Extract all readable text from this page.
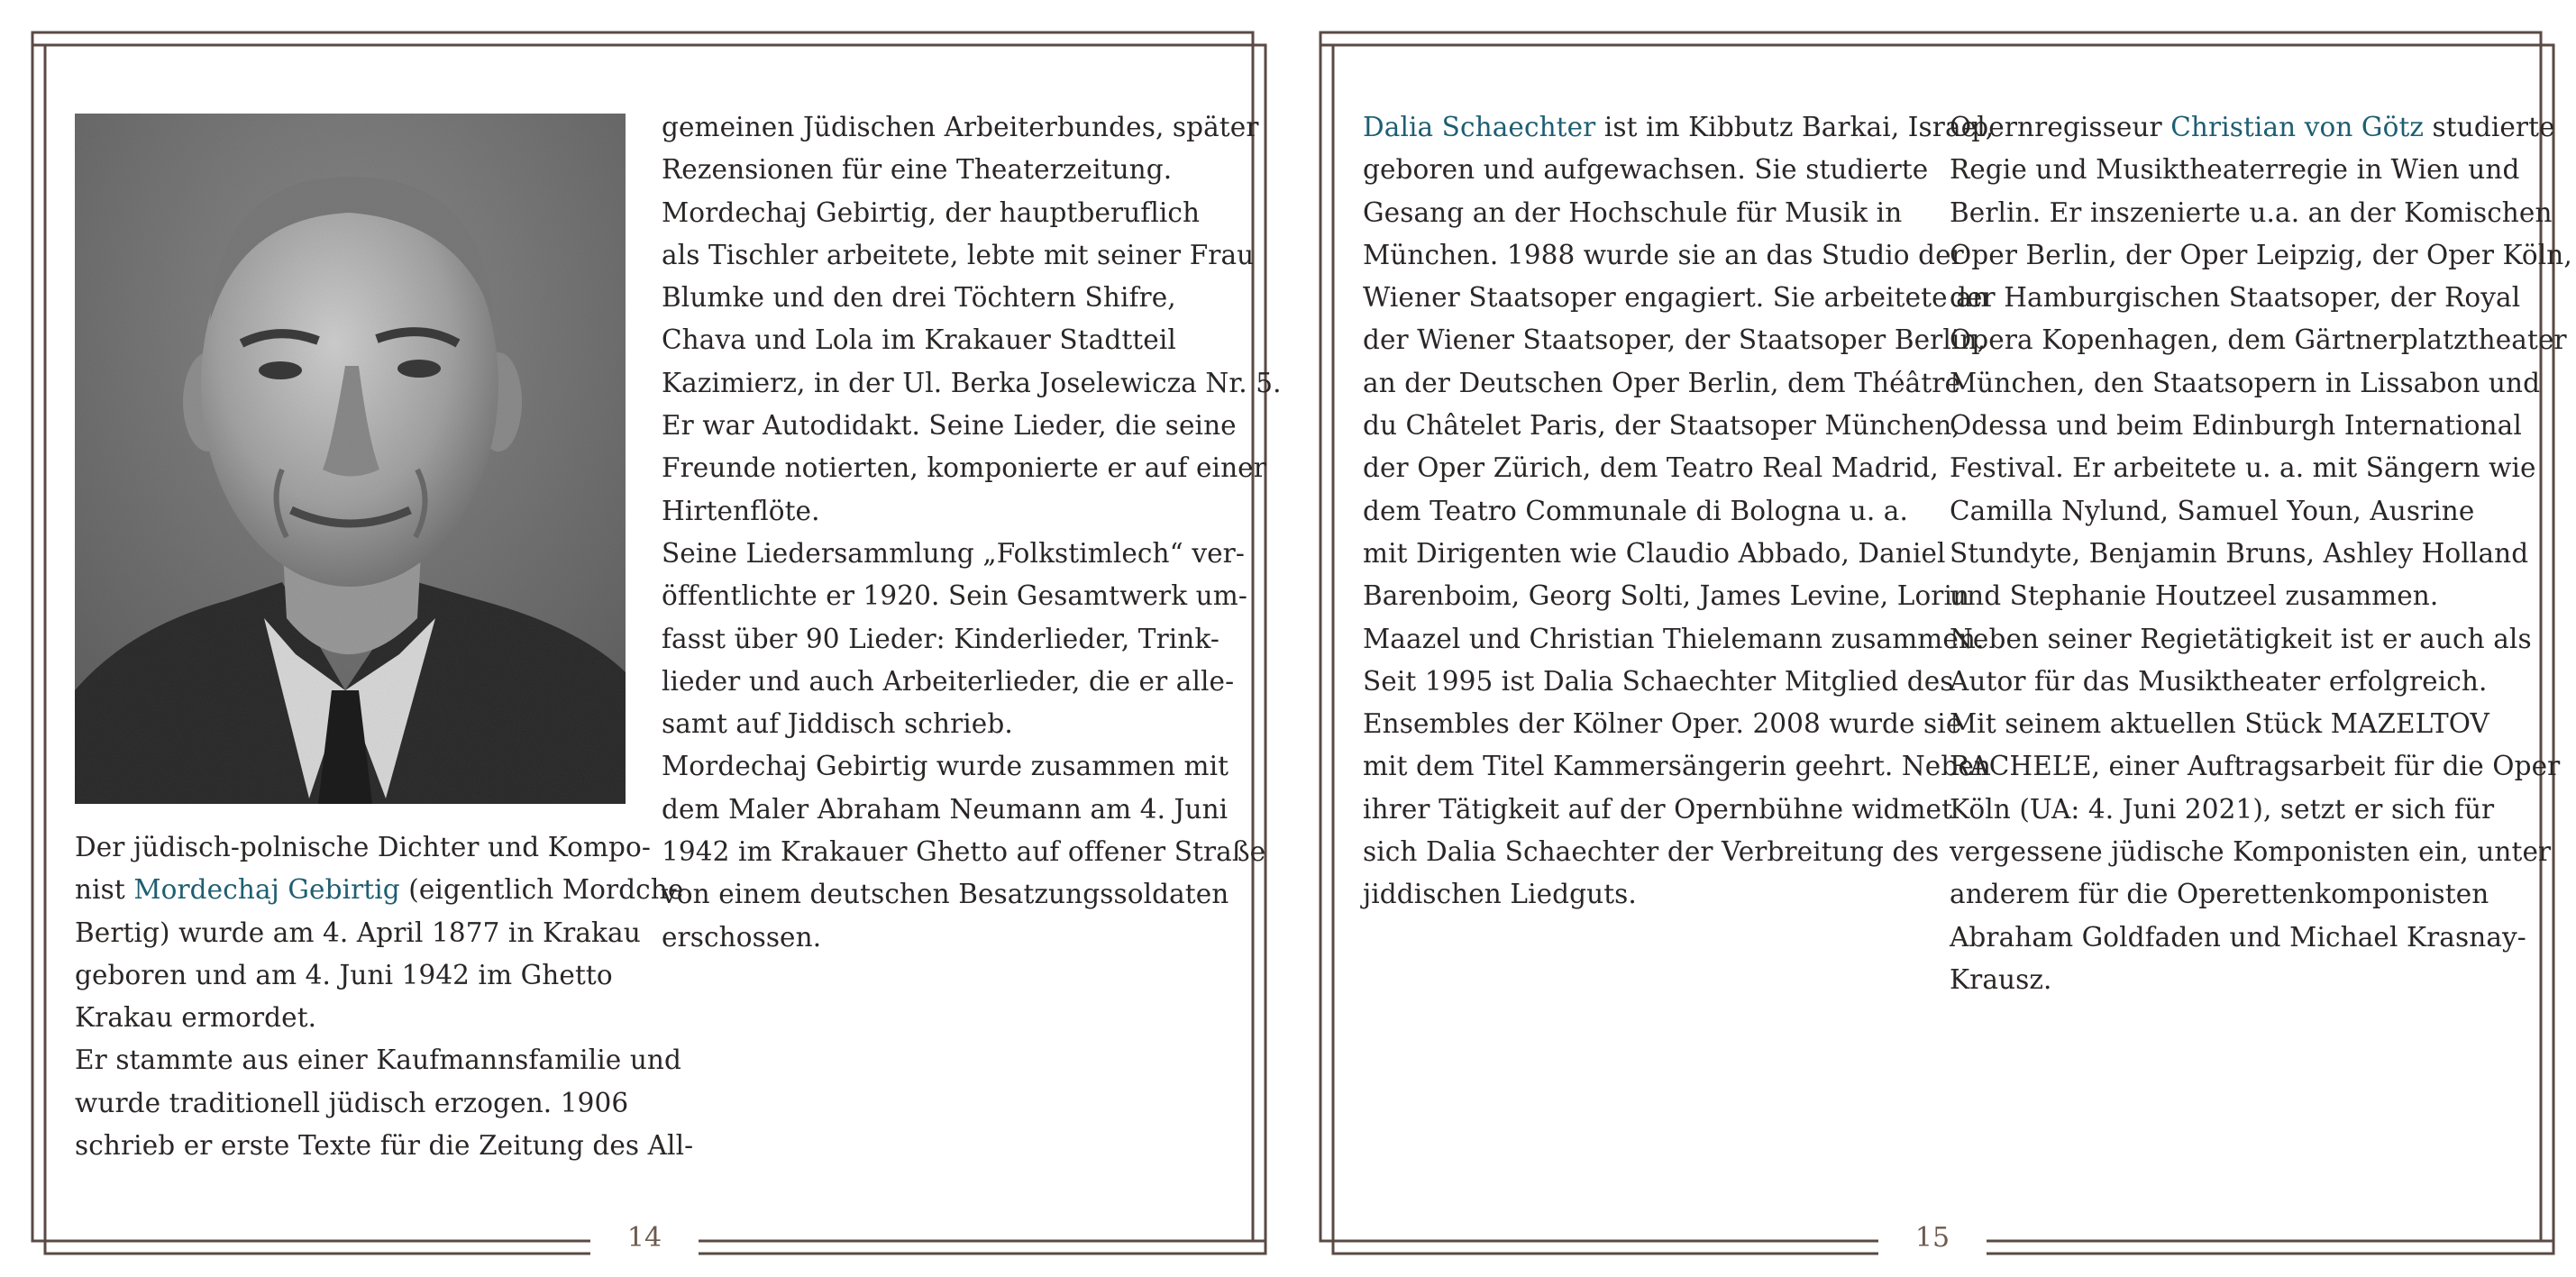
Der jüdisch-polnische Dichter und Kompo-
nist Mordechaj Gebirtig (eigentlich Mordche
Bertig) wurde am 4. April 1877 in Krakau
geboren und am 4. Juni 1942 im Ghetto
Krakau ermordet.
Er stammte aus einer Kaufmannsfamilie und
wurde traditionell jüdisch erzogen. 1906
schrieb er erste Texte für die Zeitung des All-
gemeinen Jüdischen Arbeiterbundes, später
Rezensionen für eine Theaterzeitung.
Mordechaj Gebirtig, der hauptberuflich
als Tischler arbeitete, lebte mit seiner Frau
Blumke und den drei Töchtern Shifre,
Chava und Lola im Krakauer Stadtteil
Kazimierz, in der Ul. Berka Joselewicza Nr. 5.
Er war Autodidakt. Seine Lieder, die seine
Freunde notierten, komponierte er auf einer
Hirtenflöte.
Seine Liedersammlung „Folkstimlech“ ver-
öffentlichte er 1920. Sein Gesamtwerk um-
fasst über 90 Lieder: Kinderlieder, Trink-
lieder und auch Arbeiterlieder, die er alle-
samt auf Jiddisch schrieb.
Mordechaj Gebirtig wurde zusammen mit
dem Maler Abraham Neumann am 4. Juni
1942 im Krakauer Ghetto auf offener Straße
von einem deutschen Besatzungssoldaten
erschossen.
14
Dalia Schaechter ist im Kibbutz Barkai, Israel,
geboren und aufgewachsen. Sie studierte
Gesang an der Hochschule für Musik in
München. 1988 wurde sie an das Studio der
Wiener Staatsoper engagiert. Sie arbeitete an
der Wiener Staatsoper, der Staatsoper Berlin,
an der Deutschen Oper Berlin, dem Théâtre
du Châtelet Paris, der Staatsoper München,
der Oper Zürich, dem Teatro Real Madrid,
dem Teatro Communale di Bologna u. a.
mit Dirigenten wie Claudio Abbado, Daniel
Barenboim, Georg Solti, James Levine, Lorin
Maazel und Christian Thielemann zusammen.
Seit 1995 ist Dalia Schaechter Mitglied des
Ensembles der Kölner Oper. 2008 wurde sie
mit dem Titel Kammersängerin geehrt. Neben
ihrer Tätigkeit auf der Opernbühne widmet
sich Dalia Schaechter der Verbreitung des
jiddischen Liedguts.
Opernregisseur Christian von Götz studierte
Regie und Musiktheaterregie in Wien und
Berlin. Er inszenierte u.a. an der Komischen
Oper Berlin, der Oper Leipzig, der Oper Köln,
der Hamburgischen Staatsoper, der Royal
Opera Kopenhagen, dem Gärtnerplatztheater
München, den Staatsopern in Lissabon und
Odessa und beim Edinburgh International
Festival. Er arbeitete u. a. mit Sängern wie
Camilla Nylund, Samuel Youn, Ausrine
Stundyte, Benjamin Bruns, Ashley Holland
und Stephanie Houtzeel zusammen.
Neben seiner Regietätigkeit ist er auch als
Autor für das Musiktheater erfolgreich.
Mit seinem aktuellen Stück MAZELTOV
RACHEL’E, einer Auftragsarbeit für die Oper
Köln (UA: 4. Juni 2021), setzt er sich für
vergessene jüdische Komponisten ein, unter
anderem für die Operettenkomponisten
Abraham Goldfaden und Michael Krasnay-
Krausz.
15
